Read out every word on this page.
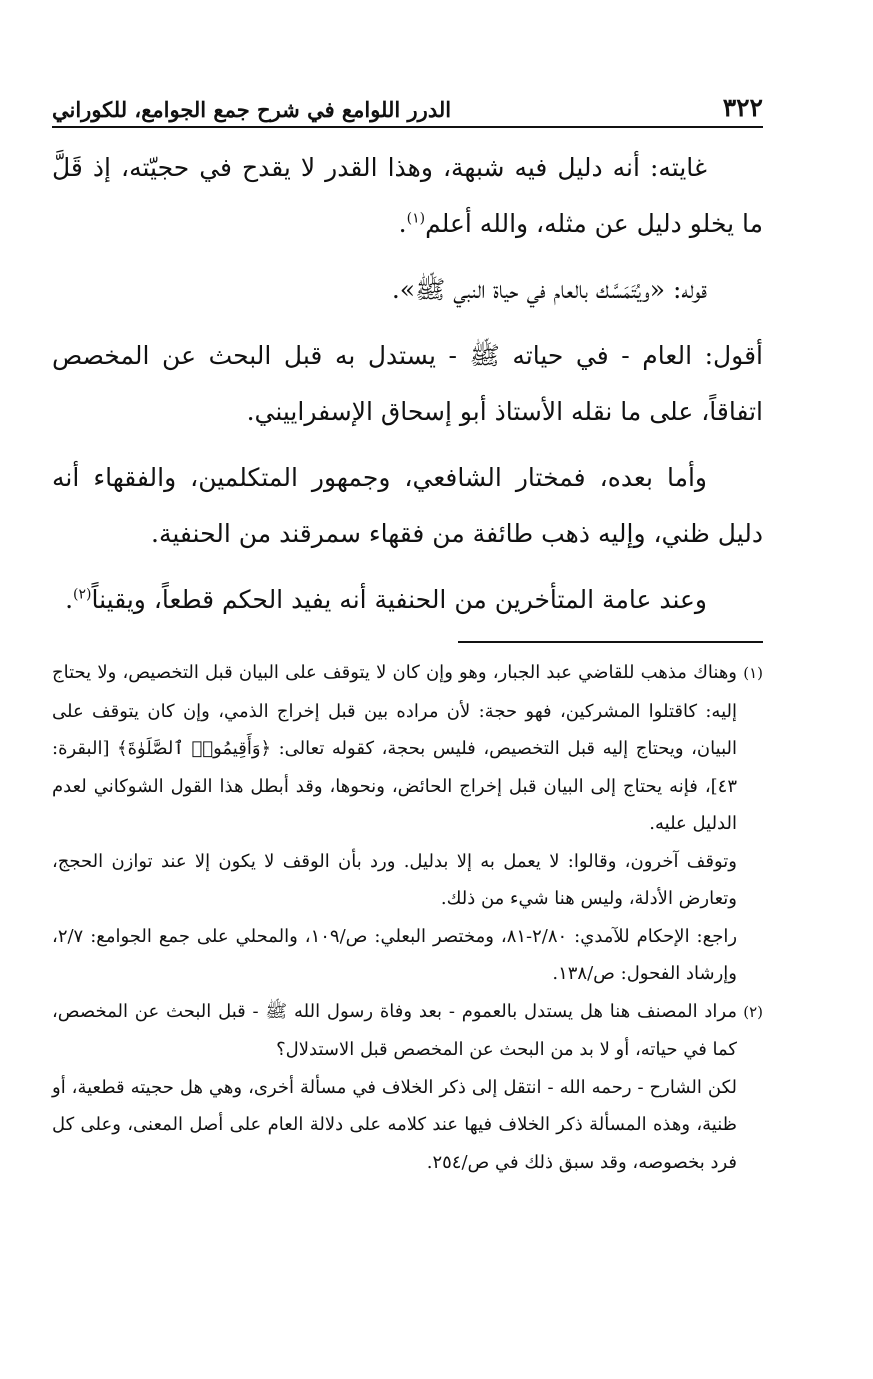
٣٢٢
الدرر اللوامع في شرح جمع الجوامع، للكوراني

غايته: أنه دليل فيه شبهة، وهذا القدر لا يقدح في حجيّته، إذ قَلَّ ما يخلو دليل عن مثله، والله أعلم$^{(١)}$.

قوله: «ويُتَمَسَّك بالعام في حياة النبي ﷺ».

أقول: العام - في حياته ﷺ - يستدل به قبل البحث عن المخصص اتفاقاً، على ما نقله الأستاذ أبو إسحاق الإسفراييني.

وأما بعده، فمختار الشافعي، وجمهور المتكلمين، والفقهاء أنه دليل ظني، وإليه ذهب طائفة من فقهاء سمرقند من الحنفية.

وعند عامة المتأخرين من الحنفية أنه يفيد الحكم قطعاً، ويقيناً$^{(٢)}$.

(١)وهناك مذهب للقاضي عبد الجبار، وهو وإن كان لا يتوقف على البيان قبل التخصيص، ولا يحتاج إليه: كاقتلوا المشركين، فهو حجة: لأن مراده بين قبل إخراج الذمي، وإن كان يتوقف على البيان، ويحتاج إليه قبل التخصيص، فليس بحجة، كقوله تعالى: ﴿وَأَقِيمُوا۟ ٱلصَّلَوٰةَ﴾ [البقرة: ٤٣]، فإنه يحتاج إلى البيان قبل إخراج الحائض، ونحوها، وقد أبطل هذا القول الشوكاني لعدم الدليل عليه.

وتوقف آخرون، وقالوا: لا يعمل به إلا بدليل. ورد بأن الوقف لا يكون إلا عند توازن الحجج، وتعارض الأدلة، وليس هنا شيء من ذلك.

راجع: الإحكام للآمدي: ٢/٨٠-٨١، ومختصر البعلي: ص/١٠٩، والمحلي على جمع الجوامع: ٢/٧، وإرشاد الفحول: ص/١٣٨.

(٢)مراد المصنف هنا هل يستدل بالعموم - بعد وفاة رسول الله ﷺ - قبل البحث عن المخصص، كما في حياته، أو لا بد من البحث عن المخصص قبل الاستدلال؟

لكن الشارح - رحمه الله - انتقل إلى ذكر الخلاف في مسألة أخرى، وهي هل حجيته قطعية، أو ظنية، وهذه المسألة ذكر الخلاف فيها عند كلامه على دلالة العام على أصل المعنى، وعلى كل فرد بخصوصه، وقد سبق ذلك في ص/٢٥٤.
